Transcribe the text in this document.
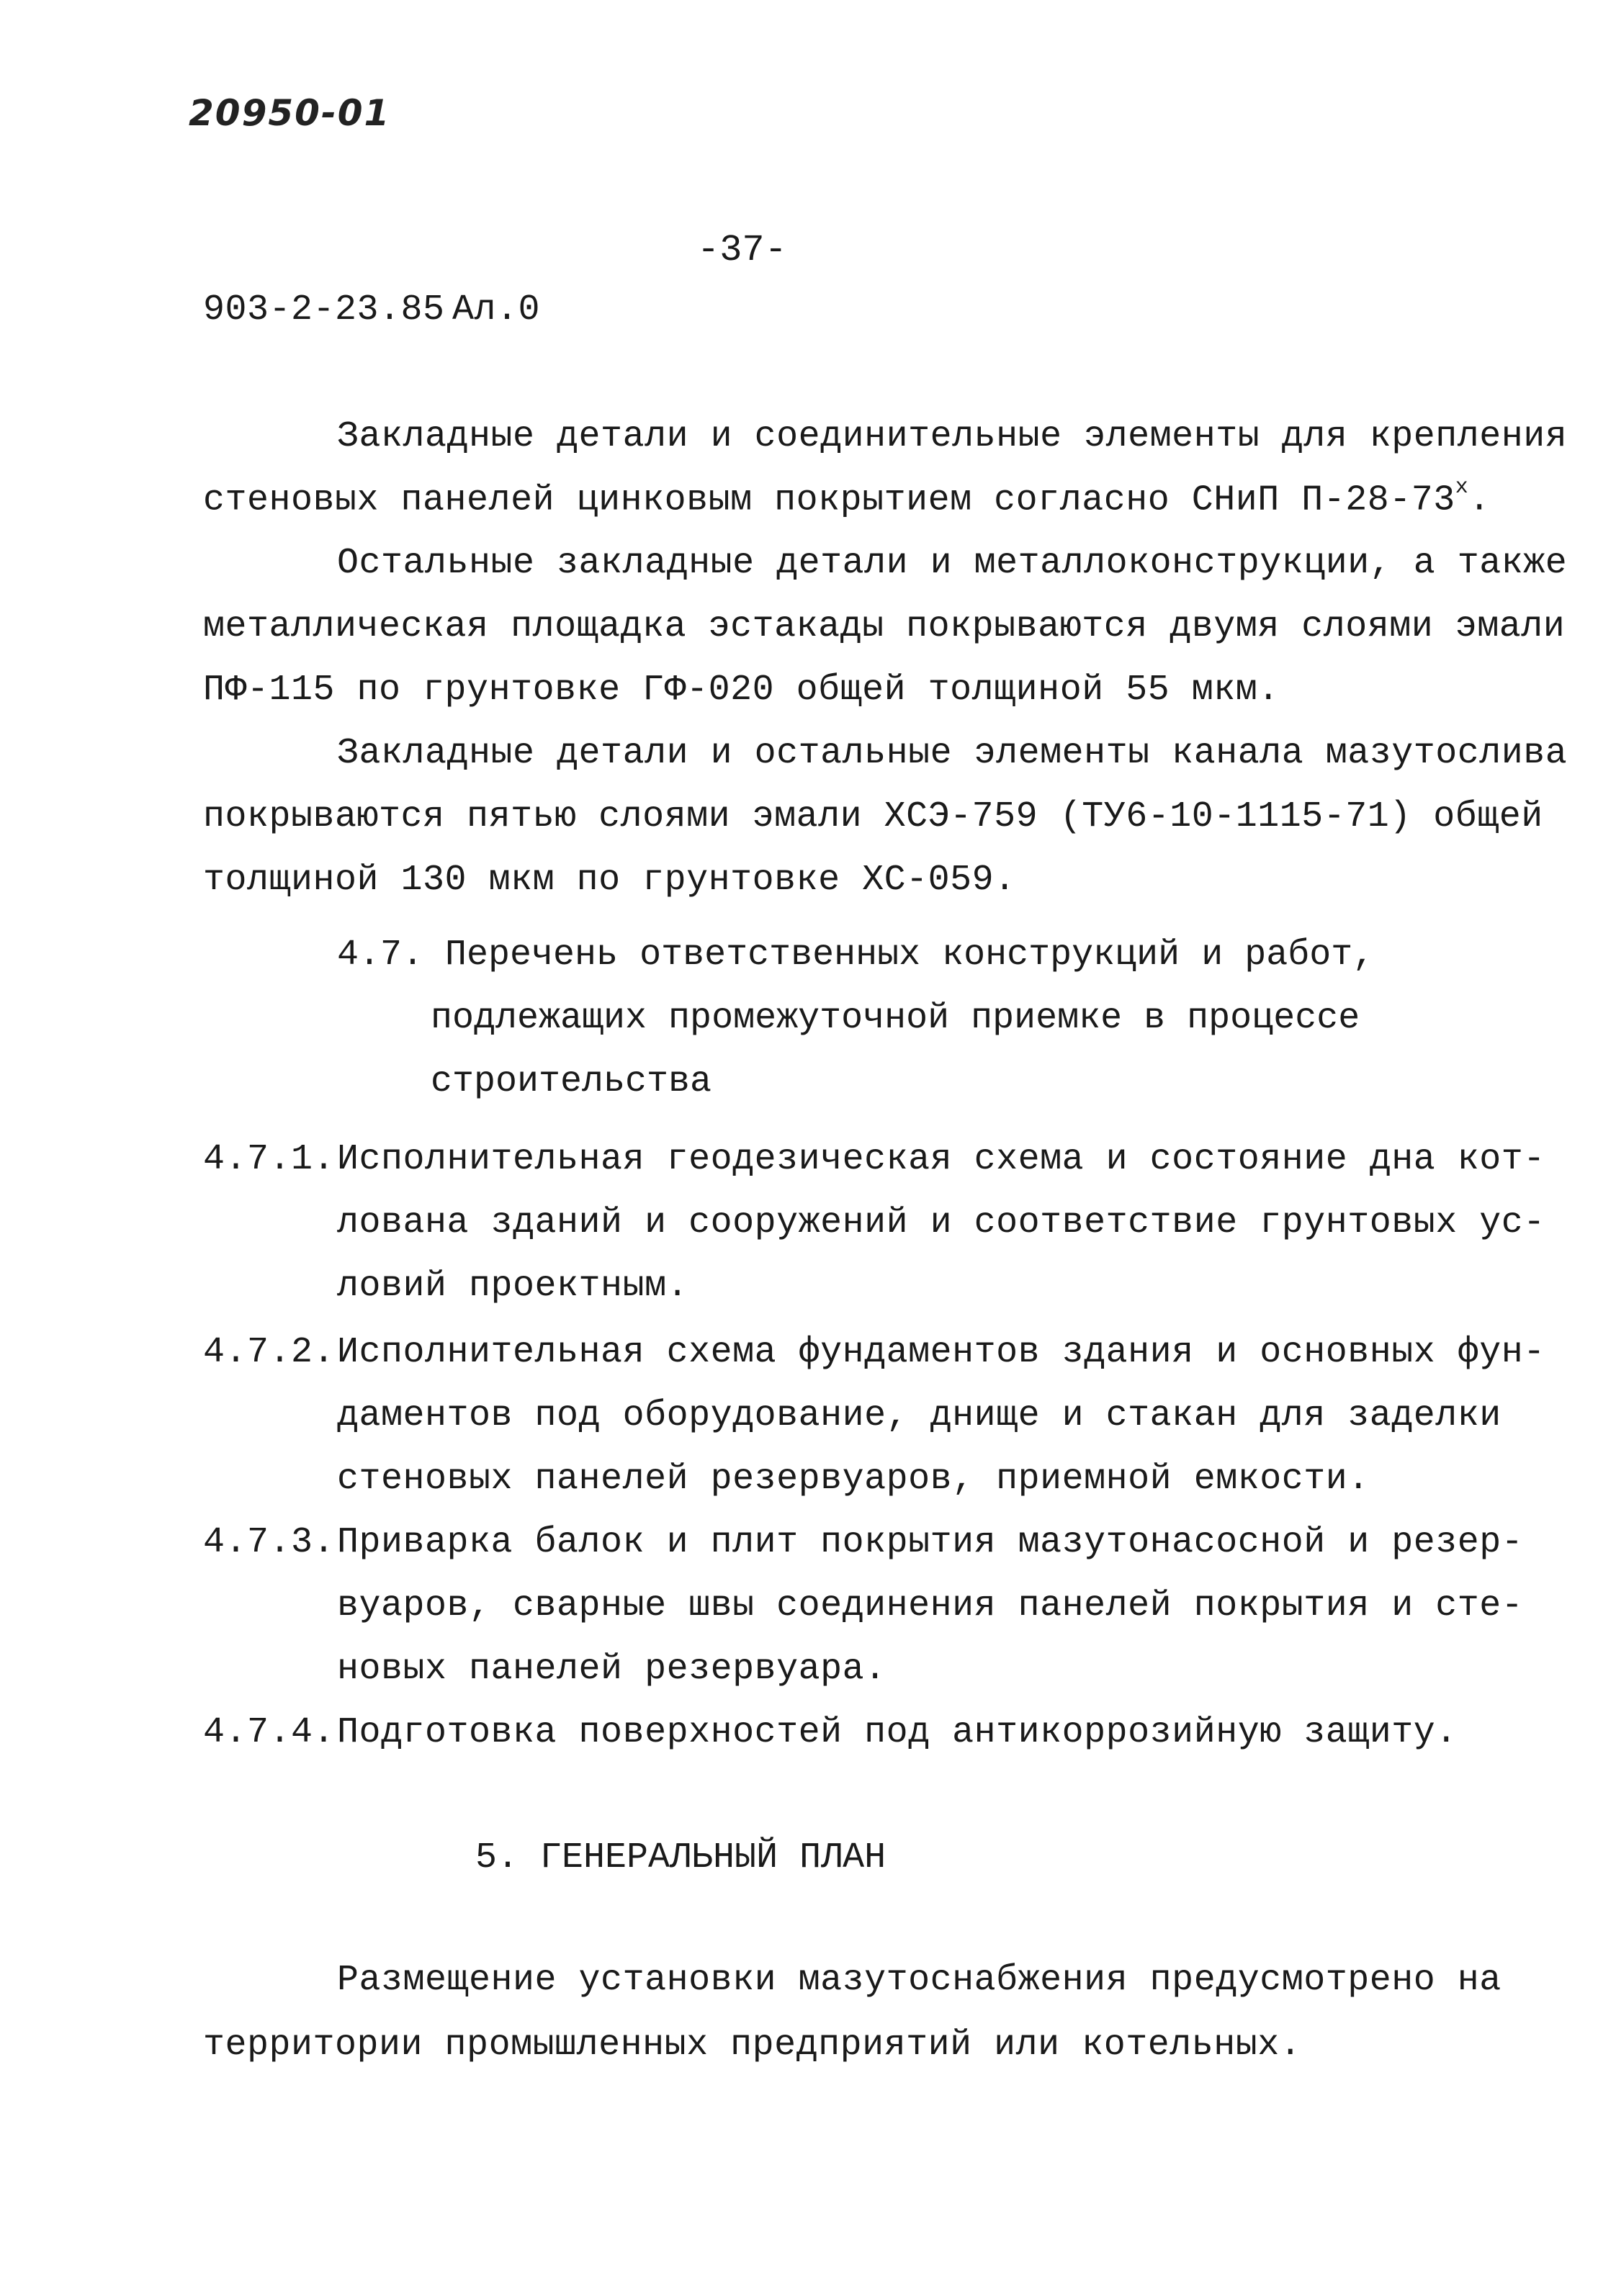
20950-01
-37-
903-2-23.85 Ал.0
Закладные детали и соединительные элементы для крепления
стеновых панелей цинковым покрытием согласно СНиП $П-28-73^х$.
Остальные закладные детали и металлоконструкции, а также
металлическая площадка эстакады покрываются двумя слоями эмали
ПФ-115 по грунтовке ГФ-020 общей толщиной 55 мкм.
Закладные детали и остальные элементы канала мазутослива
покрываются пятью слоями эмали ХСЭ-759 (ТУ6-10-1115-71) общей
толщиной 130 мкм по грунтовке ХС-059.
4.7. Перечень ответственных конструкций и работ,
подлежащих промежуточной приемке в процессе
строительства
4.7.1. Исполнительная геодезическая схема и состояние дна кот-
лована зданий и сооружений и соответствие грунтовых ус-
ловий проектным.
4.7.2. Исполнительная схема фундаментов здания и основных фун-
даментов под оборудование, днище и стакан для заделки
стеновых панелей резервуаров, приемной емкости.
4.7.3. Приварка балок и плит покрытия мазутонасосной и резер-
вуаров, сварные швы соединения панелей покрытия и сте-
новых панелей резервуара.
4.7.4. Подготовка поверхностей под антикоррозийную защиту.
5. ГЕНЕРАЛЬНЫЙ ПЛАН
Размещение установки мазутоснабжения предусмотрено на
территории промышленных предприятий или котельных.
